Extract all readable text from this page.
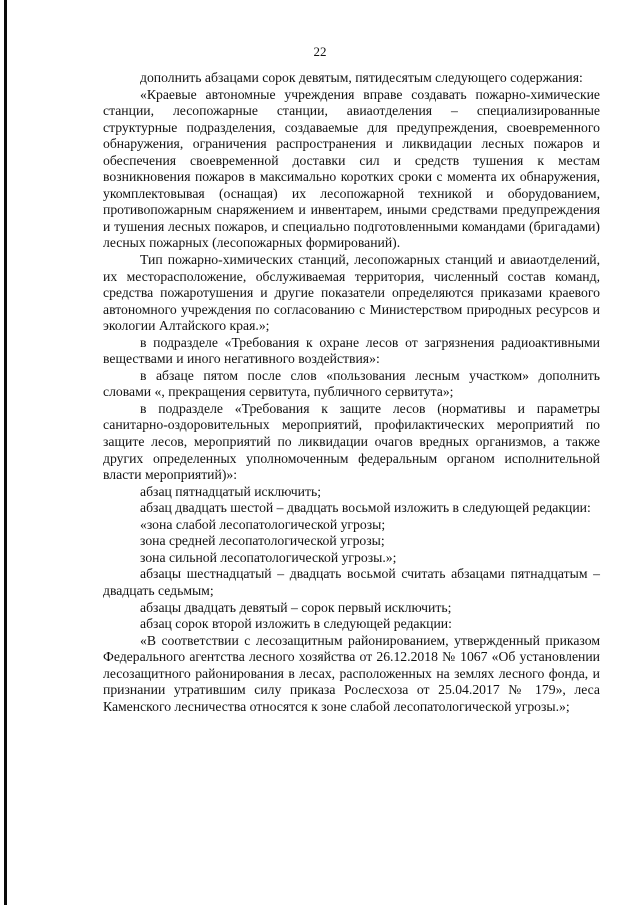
22

дополнить абзацами сорок девятым, пятидесятым следующего содержания:

«Краевые автономные учреждения вправе создавать пожарно-химические станции, лесопожарные станции, авиаотделения – специализированные структурные подразделения, создаваемые для предупреждения, своевременного обнаружения, ограничения распространения и ликвидации лесных пожаров и обеспечения своевременной доставки сил и средств тушения к местам возникновения пожаров в максимально коротких сроки с момента их обнаружения, укомплектовывая (оснащая) их лесопожарной техникой и оборудованием, противопожарным снаряжением и инвентарем, иными средствами предупреждения и тушения лесных пожаров, и специально подготовленными командами (бригадами) лесных пожарных (лесопожарных формирований).

Тип пожарно-химических станций, лесопожарных станций и авиаотделений, их месторасположение, обслуживаемая территория, численный состав команд, средства пожаротушения и другие показатели определяются приказами краевого автономного учреждения по согласованию с Министерством природных ресурсов и экологии Алтайского края.»;

в подразделе «Требования к охране лесов от загрязнения радиоактивными веществами и иного негативного воздействия»:

в абзаце пятом после слов «пользования лесным участком» дополнить словами «, прекращения сервитута, публичного сервитута»;

в подразделе «Требования к защите лесов (нормативы и параметры санитарно-оздоровительных мероприятий, профилактических мероприятий по защите лесов, мероприятий по ликвидации очагов вредных организмов, а также других определенных уполномоченным федеральным органом исполнительной власти мероприятий)»:

абзац пятнадцатый исключить;

абзац двадцать шестой – двадцать восьмой изложить в следующей редакции:

«зона слабой лесопатологической угрозы;

зона средней лесопатологической угрозы;

зона сильной лесопатологической угрозы.»;

абзацы шестнадцатый – двадцать восьмой считать абзацами пятнадцатым – двадцать седьмым;

абзацы двадцать девятый – сорок первый исключить;

абзац сорок второй изложить в следующей редакции:

«В соответствии с лесозащитным районированием, утвержденный приказом Федерального агентства лесного хозяйства от 26.12.2018 № 1067 «Об установлении лесозащитного районирования в лесах, расположенных на землях лесного фонда, и признании утратившим силу приказа Рослесхоза от 25.04.2017 № 179», леса Каменского лесничества относятся к зоне слабой лесопатологической угрозы.»;
